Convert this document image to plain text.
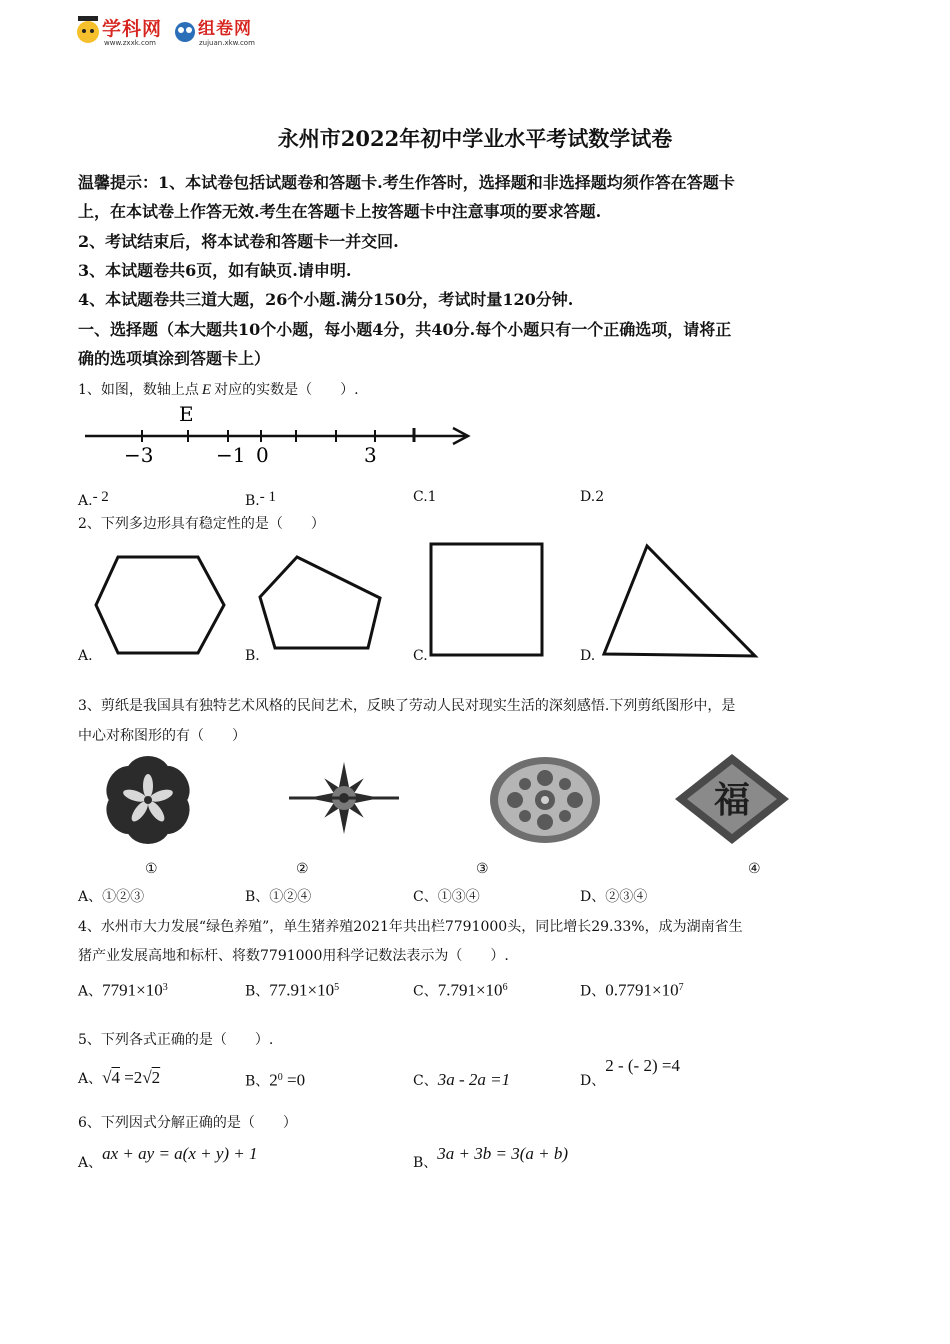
学科网
www.zxxk.com
组卷网
zujuan.xkw.com
永州市2022年初中学业水平考试数学试卷
温馨提示：1、本试卷包括试题卷和答题卡.考生作答时，选择题和非选择题均须作答在答题卡
上，在本试卷上作答无效.考生在答题卡上按答题卡中注意事项的要求答题.
2、考试结束后，将本试卷和答题卡一并交回.
3、本试题卷共6页，如有缺页.请申明.
4、本试题卷共三道大题，26个小题.满分150分，考试时量120分钟.
一、选择题（本大题共10个小题，每小题4分，共40分.每个小题只有一个正确选项，请将正
确的选项填涂到答题卡上）
1、如图，数轴上点 E 对应的实数是（　　）.
E
−3	−1 0	3
A.- 2	B.- 1	C.1	D.2
2、下列多边形具有稳定性的是（　　）
A.	B.	C.	D.
3、剪纸是我国具有独特艺术风格的民间艺术，反映了劳动人民对现实生活的深刻感悟.下列剪纸图形中，是
中心对称图形的有（　　）
福
①	②	③	④
A、①②③	B、①②④	C、①③④	D、②③④
4、水州市大力发展“绿色养殖”，单生猪养殖2021年共出栏7791000头，同比增长29.33%，成为湖南省生
猪产业发展高地和标杆、将数7791000用科学记数法表示为（　　）.
A、$7791\times 10^3$	B、$77.91\times 10^5$	C、$7.791\times 10^6$	D、$0.7791\times 10^7$
5、下列各式正确的是（　　）.
A、√4 =2√2	B、$2^0 =0$	C、3a - 2a =1	D、2 - (- 2) =4
6、下列因式分解正确的是（　　）
A、ax + ay = a(x + y) + 1	B、3a + 3b = 3(a + b)
